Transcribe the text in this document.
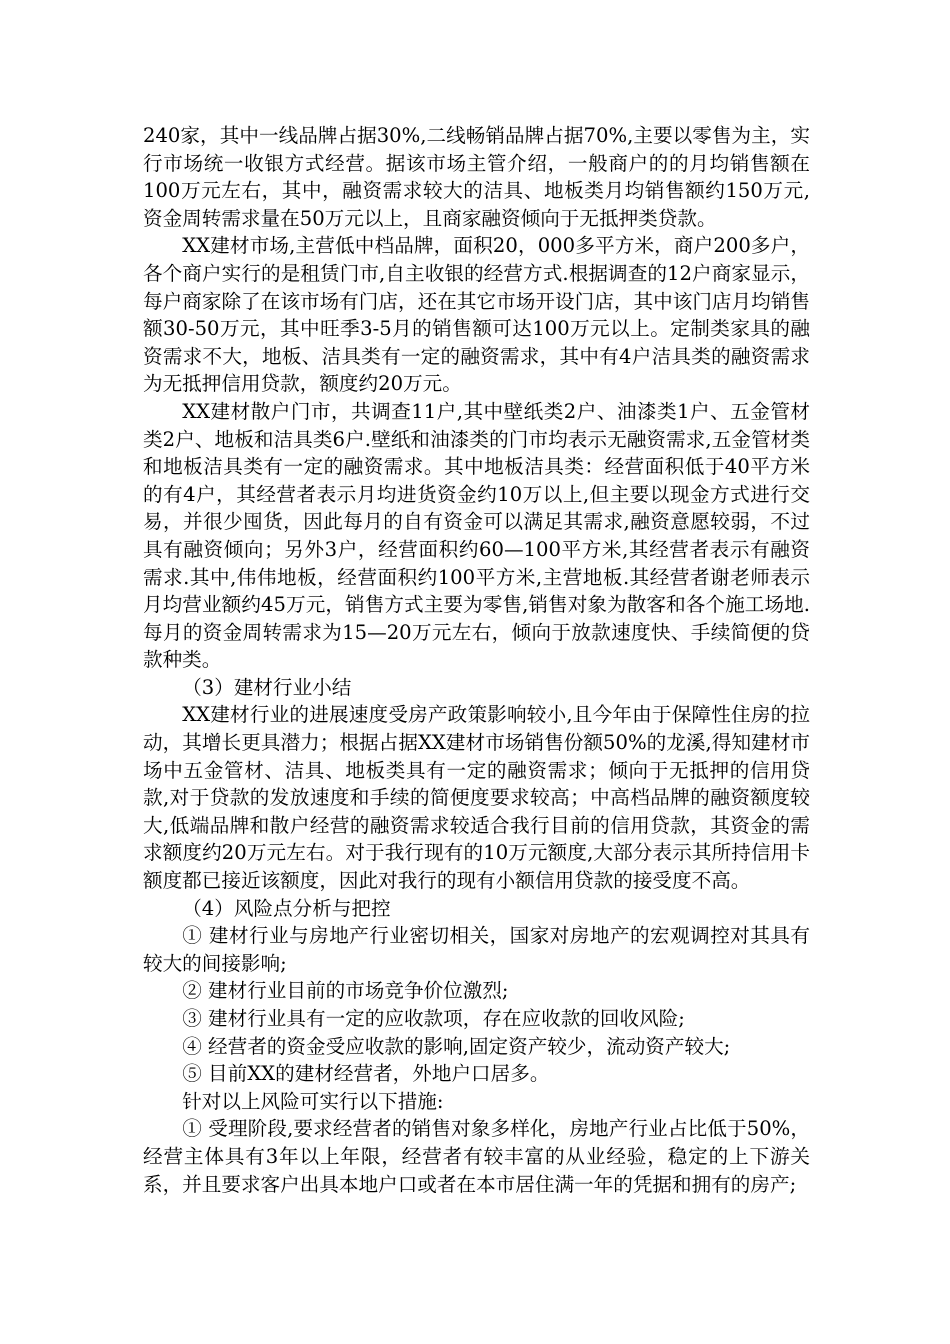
240家，其中一线品牌占据30%,二线畅销品牌占据70%,主要以零售为主，实行市场统一收银方式经营。据该市场主管介绍，一般商户的的月均销售额在100万元左右，其中，融资需求较大的洁具、地板类月均销售额约150万元,资金周转需求量在50万元以上，且商家融资倾向于无抵押类贷款。

XX建材市场,主营低中档品牌，面积20，000多平方米，商户200多户，各个商户实行的是租赁门市,自主收银的经营方式.根据调查的12户商家显示，每户商家除了在该市场有门店，还在其它市场开设门店，其中该门店月均销售额30-50万元，其中旺季3-5月的销售额可达100万元以上。定制类家具的融资需求不大，地板、洁具类有一定的融资需求，其中有4户洁具类的融资需求为无抵押信用贷款，额度约20万元。

XX建材散户门市，共调查11户,其中壁纸类2户、油漆类1户、五金管材类2户、地板和洁具类6户.壁纸和油漆类的门市均表示无融资需求,五金管材类和地板洁具类有一定的融资需求。其中地板洁具类：经营面积低于40平方米的有4户，其经营者表示月均进货资金约10万以上,但主要以现金方式进行交易，并很少囤货，因此每月的自有资金可以满足其需求,融资意愿较弱，不过具有融资倾向；另外3户，经营面积约60—100平方米,其经营者表示有融资需求.其中,伟伟地板，经营面积约100平方米,主营地板.其经营者谢老师表示月均营业额约45万元，销售方式主要为零售,销售对象为散客和各个施工场地.每月的资金周转需求为15—20万元左右，倾向于放款速度快、手续简便的贷款种类。

（3）建材行业小结

XX建材行业的进展速度受房产政策影响较小,且今年由于保障性住房的拉动，其增长更具潜力；根据占据XX建材市场销售份额50%的龙溪,得知建材市场中五金管材、洁具、地板类具有一定的融资需求；倾向于无抵押的信用贷款,对于贷款的发放速度和手续的简便度要求较高；中高档品牌的融资额度较大,低端品牌和散户经营的融资需求较适合我行目前的信用贷款，其资金的需求额度约20万元左右。对于我行现有的10万元额度,大部分表示其所持信用卡额度都已接近该额度，因此对我行的现有小额信用贷款的接受度不高。

（4）风险点分析与把控

① 建材行业与房地产行业密切相关，国家对房地产的宏观调控对其具有较大的间接影响;

② 建材行业目前的市场竞争价位激烈;

③ 建材行业具有一定的应收款项，存在应收款的回收风险;

④ 经营者的资金受应收款的影响,固定资产较少，流动资产较大;

⑤ 目前XX的建材经营者，外地户口居多。

针对以上风险可实行以下措施:

① 受理阶段,要求经营者的销售对象多样化，房地产行业占比低于50%，经营主体具有3年以上年限，经营者有较丰富的从业经验，稳定的上下游关系，并且要求客户出具本地户口或者在本市居住满一年的凭据和拥有的房产;
